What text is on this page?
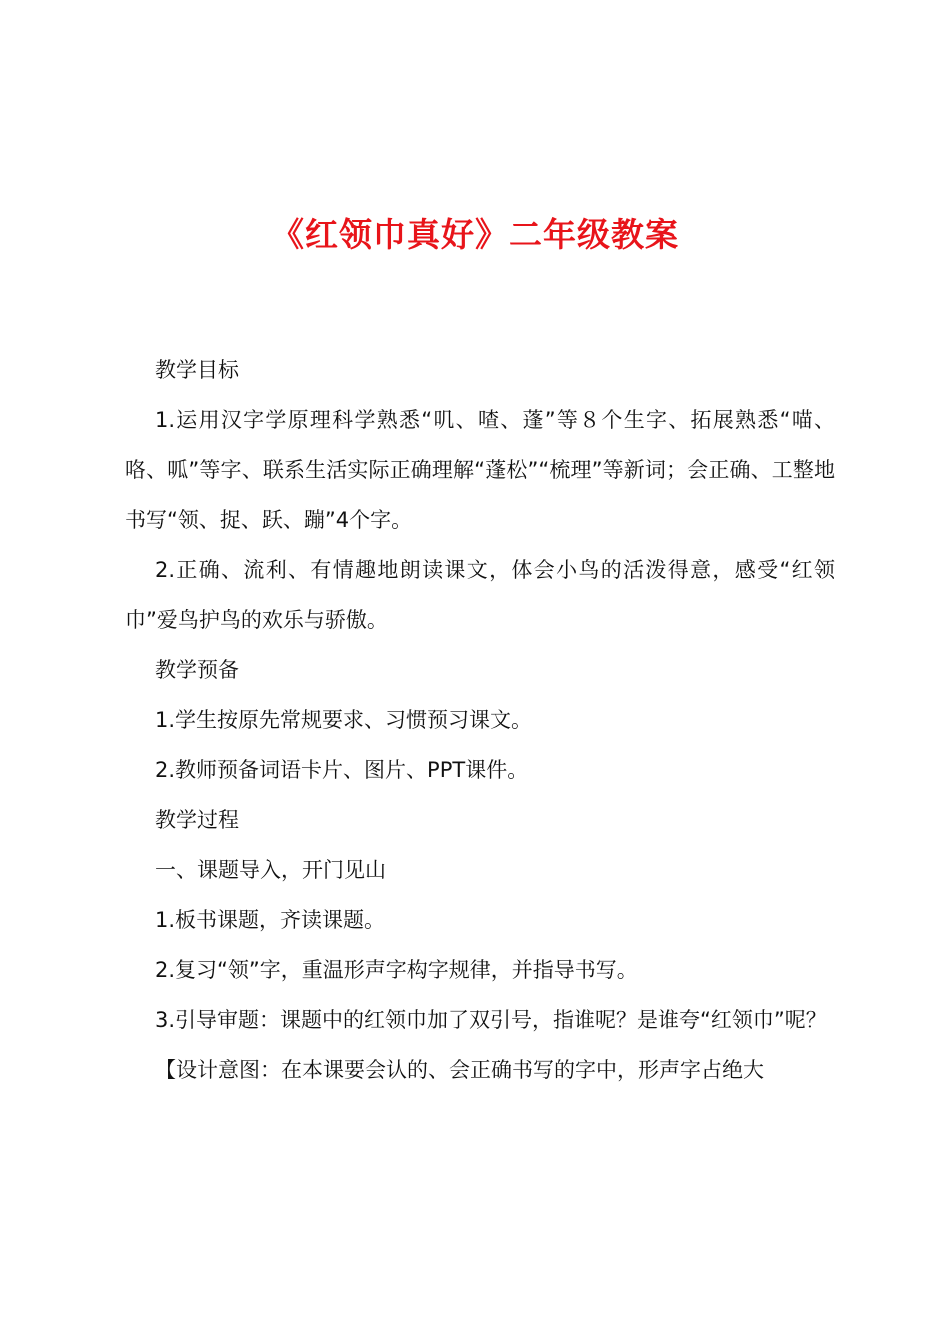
《红领巾真好》二年级教案

教学目标

1.运用汉字学原理科学熟悉“叽、喳、蓬”等８个生字、拓展熟悉“喵、咯、呱”等字、联系生活实际正确理解“蓬松”“梳理”等新词；会正确、工整地书写“领、捉、跃、蹦”4个字。

2.正确、流利、有情趣地朗读课文，体会小鸟的活泼得意，感受“红领巾”爱鸟护鸟的欢乐与骄傲。

教学预备

1.学生按原先常规要求、习惯预习课文。

2.教师预备词语卡片、图片、PPT课件。

教学过程

一、课题导入，开门见山

1.板书课题，齐读课题。

2.复习“领”字，重温形声字构字规律，并指导书写。

3.引导审题：课题中的红领巾加了双引号，指谁呢？是谁夸“红领巾”呢？

【设计意图：在本课要会认的、会正确书写的字中，形声字占绝大
